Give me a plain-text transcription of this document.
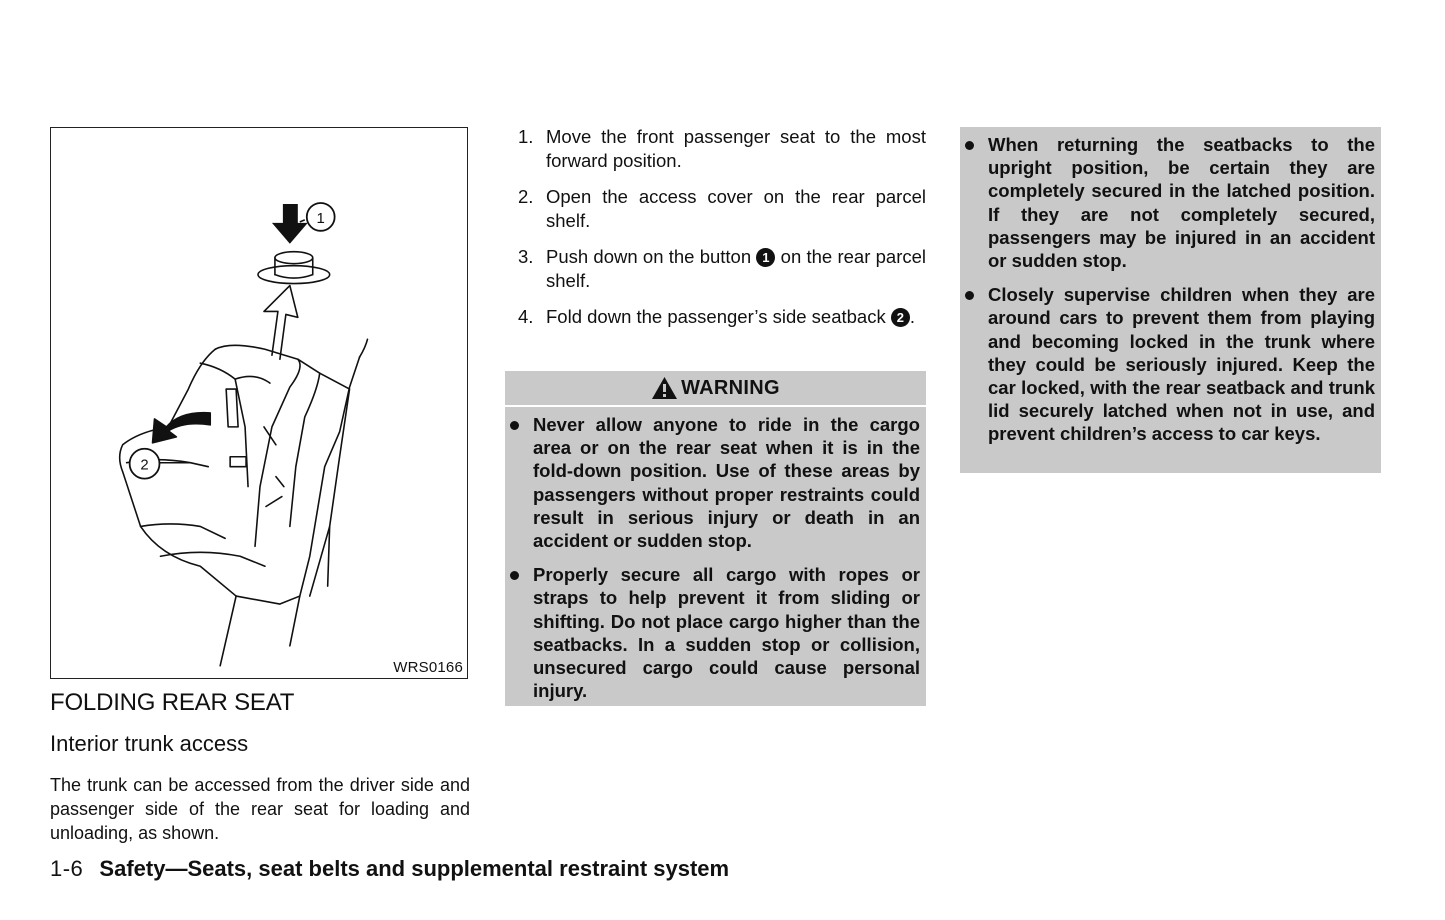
1
2
WRS0166
FOLDING REAR SEAT
Interior trunk access

The trunk can be accessed from the driver side and passenger side of the rear seat for loading and unloading, as shown.

1. Move the front passenger seat to the most forward position.
2. Open the access cover on the rear parcel shelf.
3. Push down on the button 1 on the rear parcel shelf.
4. Fold down the passenger’s side seatback 2 .
WARNING
Never allow anyone to ride in the cargo area or on the rear seat when it is in the fold-down position. Use of these areas by passengers without proper restraints could result in serious injury or death in an accident or sudden stop.
Properly secure all cargo with ropes or straps to help prevent it from sliding or shifting. Do not place cargo higher than the seatbacks. In a sudden stop or collision, unsecured cargo could cause personal injury.
When returning the seatbacks to the upright position, be certain they are completely secured in the latched position. If they are not completely secured, passengers may be injured in an accident or sudden stop.
Closely supervise children when they are around cars to prevent them from playing and becoming locked in the trunk where they could be seriously injured. Keep the car locked, with the rear seatback and trunk lid securely latched when not in use, and prevent children’s access to car keys.
1-6 Safety—Seats, seat belts and supplemental restraint system
